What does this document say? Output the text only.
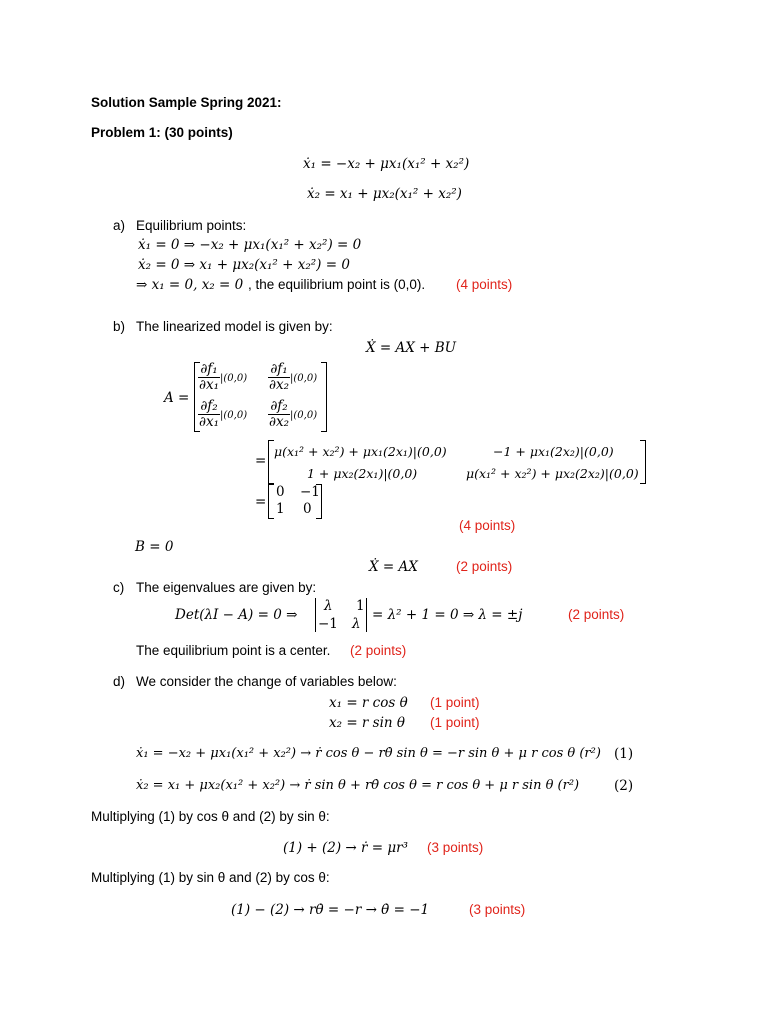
Solution Sample Spring 2021:
Problem 1: (30 points)
ẋ₁ = −x₂ + μx₁(x₁² + x₂²)
ẋ₂ = x₁ + μx₂(x₁² + x₂²)
a) Equilibrium points:
ẋ₁ = 0 ⇒ −x₂ + μx₁(x₁² + x₂²) = 0
ẋ₂ = 0 ⇒ x₁ + μx₂(x₁² + x₂²) = 0
⇒ x₁ = 0, x₂ = 0 , the equilibrium point is (0,0). (4 points)
b) The linearized model is given by:
Ẋ = AX + BU
A =
$\frac{\text{∂f₁}}{\text{∂x₁}} |(0,0) \frac{\text{∂f₁}}{\text{∂x₂}} |(0,0)$
$\frac{\text{∂f₂}}{\text{∂x₁}} |(0,0) \frac{\text{∂f₂}}{\text{∂x₂}} |(0,0)$
=
μ(x₁² + x₂²) + μx₁(2x₁)|(0,0)	−1 + μx₁(2x₂)|(0,0)
1 + μx₂(2x₁)|(0,0)	μ(x₁² + x₂²) + μx₂(2x₂)|(0,0)
=
0 −1
1 0
(4 points)
B = 0
Ẋ = AX	(2 points)
c) The eigenvalues are given by:
Det(λI − A) = 0 ⇒
λ 1
−1 λ
= λ² + 1 = 0 ⇒ λ = ±j	(2 points)
The equilibrium point is a center. (2 points)
d) We consider the change of variables below:
x₁ = r cos θ (1 point)
x₂ = r sin θ (1 point)
ẋ₁ = −x₂ + μx₁(x₁² + x₂²) → ṙ cos θ − rθ̇ sin θ = −r sin θ + μ r cos θ (r²) (1)
ẋ₂ = x₁ + μx₂(x₁² + x₂²) → ṙ sin θ + rθ̇ cos θ = r cos θ + μ r sin θ (r²)	(2)
Multiplying (1) by cos θ and (2) by sin θ:
(1) + (2) → ṙ = μr³ (3 points)
Multiplying (1) by sin θ and (2) by cos θ:
(1) − (2) → rθ̇ = −r → θ̇ = −1	(3 points)
